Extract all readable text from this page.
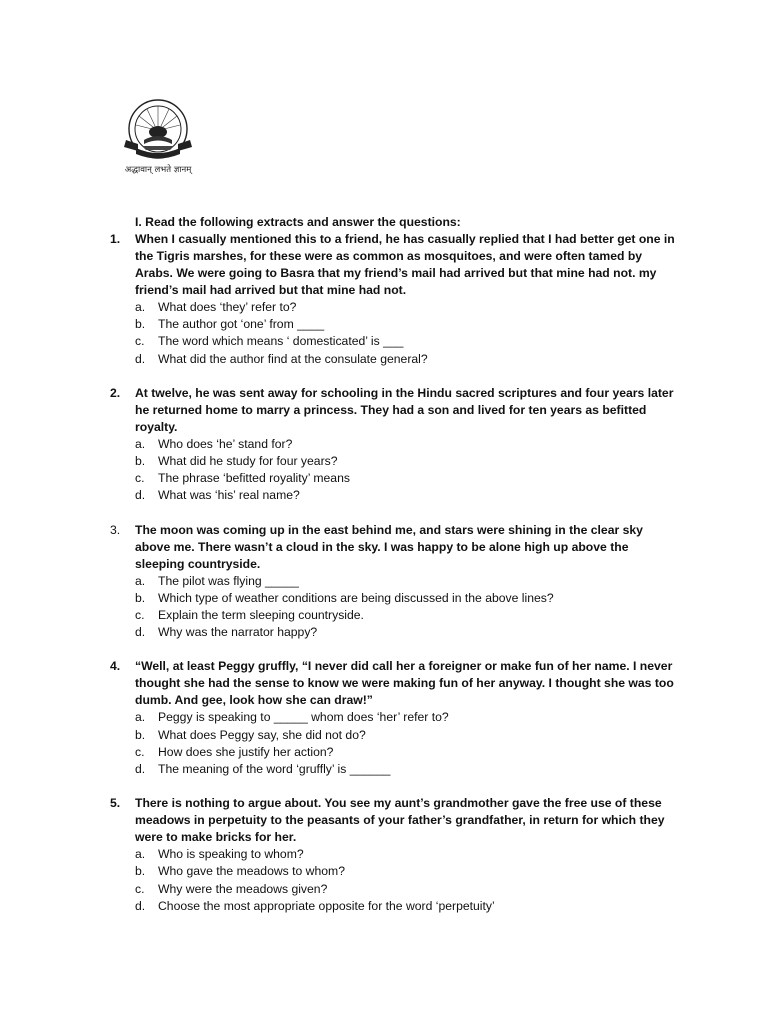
अद्धावान् लभते ज्ञानम्

I. Read the following extracts and answer the questions:

1.	When I casually mentioned this to a friend, he has casually replied that I had better get one in the Tigris marshes, for these were as common as mosquitoes, and were often tamed by Arabs. We were going to Basra that my friend’s mail had arrived but that mine had not. my friend’s mail had arrived but that mine had not.
a.	What does ‘they’ refer to?
b.	The author got ‘one’ from ____
c.	The word which means ‘ domesticated’ is ___
d.	What did the author find at the consulate general?
2.	At twelve, he was sent away for schooling in the Hindu sacred scriptures and four years later he returned home to marry a princess. They had a son and lived for ten years as befitted royalty.
a.	Who does ‘he’ stand for?
b.	What did he study for four years?
c.	The phrase ‘befitted royality’ means
d.	What was ‘his’ real name?
3.	The moon was coming up in the east behind me, and stars were shining in the clear sky above me. There wasn’t a cloud in the sky. I was happy to be alone high up above the sleeping countryside.
a.	The pilot was flying _____
b.	Which type of weather conditions are being discussed in the above lines?
c.	Explain the term sleeping countryside.
d.	Why was the narrator happy?
4.	“Well, at least Peggy gruffly, “I never did call her a foreigner or make fun of her name. I never thought she had the sense to know we were making fun of her anyway. I thought she was too dumb. And gee, look how she can draw!”
a.	Peggy is speaking to _____ whom does ‘her’ refer to?
b.	What does Peggy say, she did not do?
c.	How does she justify her action?
d.	The meaning of the word ‘gruffly’ is ______
5.	There is nothing to argue about. You see my aunt’s grandmother gave the free use of these meadows in perpetuity to the peasants of your father’s grandfather, in return for which they were to make bricks for her.
a.	Who is speaking to whom?
b.	Who gave the meadows to whom?
c.	Why were the meadows given?
d.	Choose the most appropriate opposite for the word ‘perpetuity’
